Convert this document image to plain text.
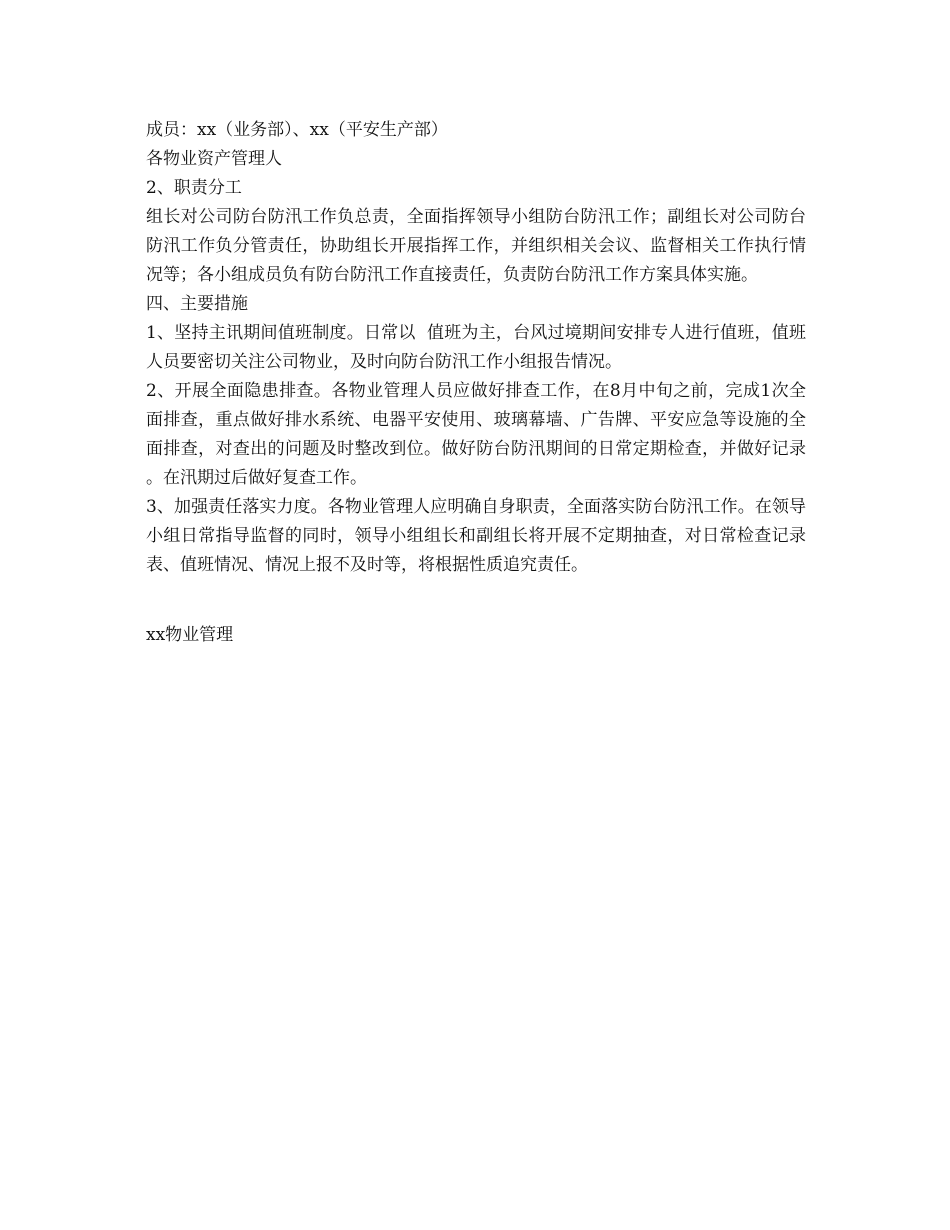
成员：xx（业务部）、xx（平安生产部）

各物业资产管理人

2、职责分工

组长对公司防台防汛工作负总责，全面指挥领导小组防台防汛工作；副组长对公司防台防汛工作负分管责任，协助组长开展指挥工作，并组织相关会议、监督相关工作执行情况等；各小组成员负有防台防汛工作直接责任，负责防台防汛工作方案具体实施。

四、主要措施

1、坚持主讯期间值班制度。日常以  值班为主，台风过境期间安排专人进行值班，值班人员要密切关注公司物业，及时向防台防汛工作小组报告情况。

2、开展全面隐患排查。各物业管理人员应做好排查工作，在8月中旬之前，完成1次全面排查，重点做好排水系统、电器平安使用、玻璃幕墙、广告牌、平安应急等设施的全面排查，对查出的问题及时整改到位。做好防台防汛期间的日常定期检查，并做好记录。在汛期过后做好复查工作。

3、加强责任落实力度。各物业管理人应明确自身职责，全面落实防台防汛工作。在领导小组日常指导监督的同时，领导小组组长和副组长将开展不定期抽查，对日常检查记录表、值班情况、情况上报不及时等，将根据性质追究责任。

xx物业管理
